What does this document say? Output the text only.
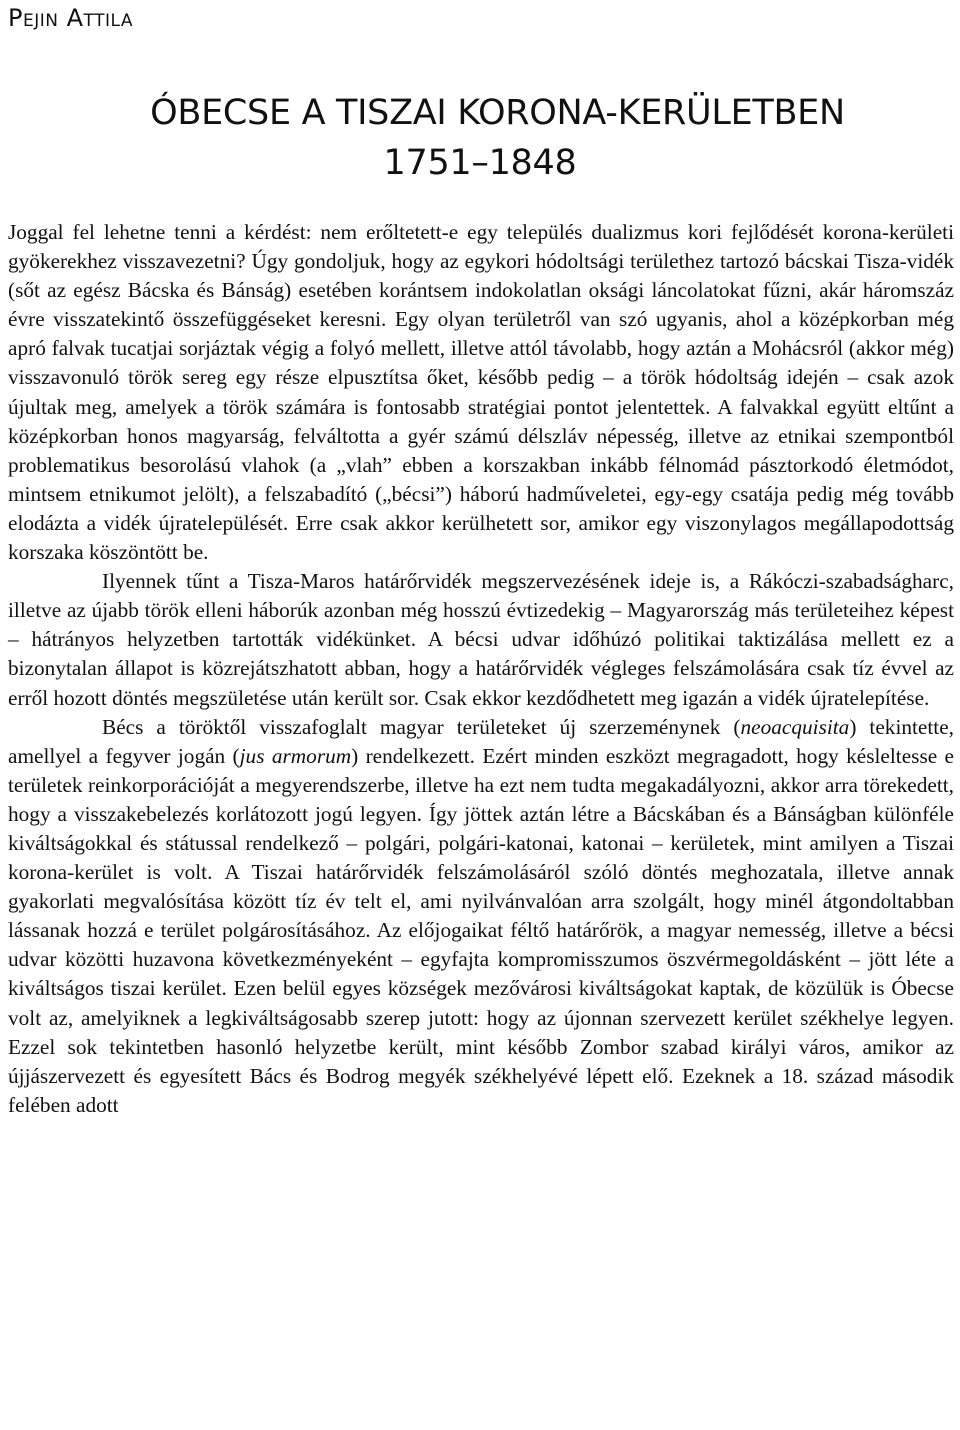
Pejin Attila
ÓBECSE A TISZAI KORONA-KERÜLETBEN
1751–1848

Joggal fel lehetne tenni a kérdést: nem erőltetett-e egy település dualizmus kori fejlődését korona-kerületi gyökerekhez visszavezetni? Úgy gondoljuk, hogy az egykori hódoltsági területhez tartozó bácskai Tisza-vidék (sőt az egész Bácska és Bánság) esetében korántsem indokolatlan oksági láncolatokat fűzni, akár háromszáz évre visszatekintő összefüggéseket keresni. Egy olyan területről van szó ugyanis, ahol a középkorban még apró falvak tucatjai sorjáztak végig a folyó mellett, illetve attól távolabb, hogy aztán a Mohácsról (akkor még) visszavonuló török sereg egy része elpusztítsa őket, később pedig – a török hódoltság idején – csak azok újultak meg, amelyek a török számára is fontosabb stratégiai pontot jelentettek. A falvakkal együtt eltűnt a középkorban honos magyarság, felváltotta a gyér számú délszláv népesség, illetve az etnikai szempontból problematikus besorolású vlahok (a „vlah” ebben a korszakban inkább félnomád pásztorkodó életmódot, mintsem etnikumot jelölt), a felszabadító („bécsi”) háború hadműveletei, egy-egy csatája pedig még tovább elodázta a vidék újratelepülését. Erre csak akkor kerülhetett sor, amikor egy viszonylagos megállapodottság korszaka köszöntött be.

Ilyennek tűnt a Tisza-Maros határőrvidék megszervezésének ideje is, a Rákóczi-szabadságharc, illetve az újabb török elleni háborúk azonban még hosszú évtizedekig – Magyarország más területeihez képest – hátrányos helyzetben tartották vidékünket. A bécsi udvar időhúzó politikai taktizálása mellett ez a bizonytalan állapot is közrejátszhatott abban, hogy a határőrvidék végleges felszámolására csak tíz évvel az erről hozott döntés megszületése után került sor. Csak ekkor kezdődhetett meg igazán a vidék újratelepítése.

Bécs a töröktől visszafoglalt magyar területeket új szerzeménynek (neoacquisita) tekintette, amellyel a fegyver jogán (jus armorum) rendelkezett. Ezért minden eszközt megragadott, hogy késleltesse e területek reinkorporációját a megyerendszerbe, illetve ha ezt nem tudta megakadályozni, akkor arra törekedett, hogy a visszakebelezés korlátozott jogú legyen. Így jöttek aztán létre a Bácskában és a Bánságban különféle kiváltságokkal és státussal rendelkező – polgári, polgári-katonai, katonai – kerületek, mint amilyen a Tiszai korona-kerület is volt. A Tiszai határőrvidék felszámolásáról szóló döntés meghozatala, illetve annak gyakorlati megvalósítása között tíz év telt el, ami nyilvánvalóan arra szolgált, hogy minél átgondoltabban lássanak hozzá e terület polgárosításához. Az előjogaikat féltő határőrök, a magyar nemesség, illetve a bécsi udvar közötti huzavona következményeként – egyfajta kompromisszumos öszvérmegoldásként – jött léte a kiváltságos tiszai kerület. Ezen belül egyes községek mezővárosi kiváltságokat kaptak, de közülük is Óbecse volt az, amelyiknek a legkiváltságosabb szerep jutott: hogy az újonnan szervezett kerület székhelye legyen. Ezzel sok tekintetben hasonló helyzetbe került, mint később Zombor szabad királyi város, amikor az újjászervezett és egyesített Bács és Bodrog megyék székhelyévé lépett elő. Ezeknek a 18. század második felében adott
